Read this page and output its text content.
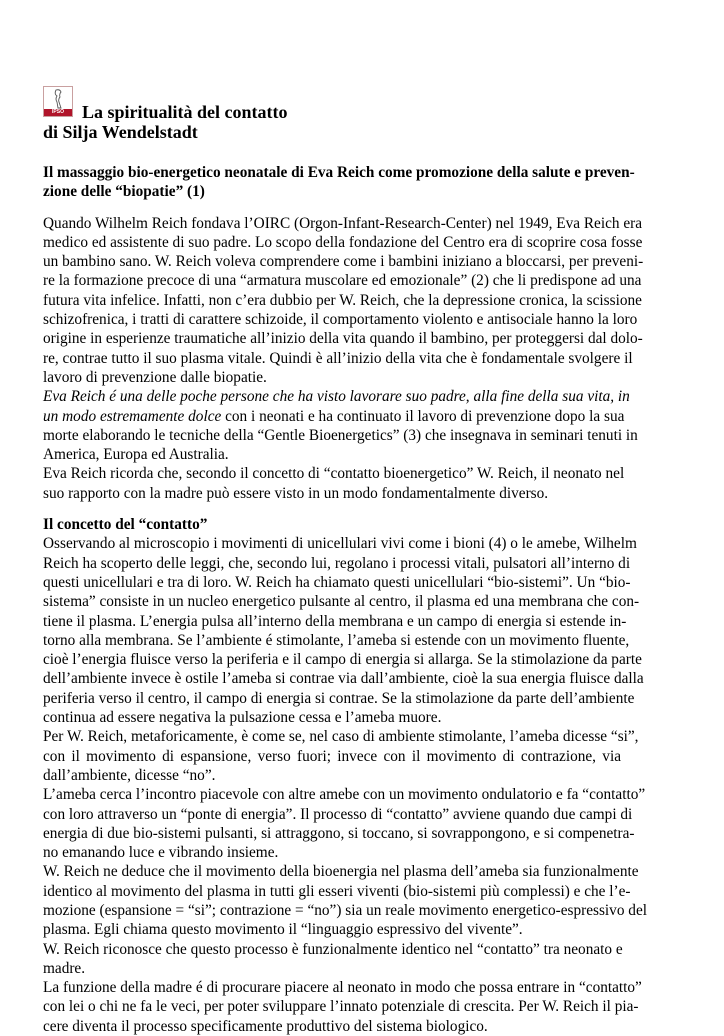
IPSO	La spiritualità del contatto
di Silja Wendelstadt
Il massaggio bio-energetico neonatale di Eva Reich come promozione della salute e preven-
zione delle “biopatie” (1)
Quando Wilhelm Reich fondava l’OIRC (Orgon-Infant-Research-Center) nel 1949, Eva Reich era
medico ed assistente di suo padre. Lo scopo della fondazione del Centro era di scoprire cosa fosse
un bambino sano. W. Reich voleva comprendere come i bambini iniziano a bloccarsi, per preveni-
re la formazione precoce di una “armatura muscolare ed emozionale” (2) che li predispone ad una
futura vita infelice. Infatti, non c’era dubbio per W. Reich, che la depressione cronica, la scissione
schizofrenica, i tratti di carattere schizoide, il comportamento violento e antisociale hanno la loro
origine in esperienze traumatiche all’inizio della vita quando il bambino, per proteggersi dal dolo-
re, contrae tutto il suo plasma vitale. Quindi è all’inizio della vita che è fondamentale svolgere il
lavoro di prevenzione dalle biopatie.
Eva Reich é una delle poche persone che ha visto lavorare suo padre, alla fine della sua vita, in
un modo estremamente dolce con i neonati e ha continuato il lavoro di prevenzione dopo la sua
morte elaborando le tecniche della “Gentle Bioenergetics” (3) che insegnava in seminari tenuti in
America, Europa ed Australia.
Eva Reich ricorda che, secondo il concetto di “contatto bioenergetico” W. Reich, il neonato nel
suo rapporto con la madre può essere visto in un modo fondamentalmente diverso.
Il concetto del “contatto”
Osservando al microscopio i movimenti di unicellulari vivi come i bioni (4) o le amebe, Wilhelm
Reich ha scoperto delle leggi, che, secondo lui, regolano i processi vitali, pulsatori all’interno di
questi unicellulari e tra di loro. W. Reich ha chiamato questi unicellulari “bio-sistemi”. Un “bio-
sistema” consiste in un nucleo energetico pulsante al centro, il plasma ed una membrana che con-
tiene il plasma. L’energia pulsa all’interno della membrana e un campo di energia si estende in-
torno alla membrana. Se l’ambiente é stimolante, l’ameba si estende con un movimento fluente,
cioè l’energia fluisce verso la periferia e il campo di energia si allarga. Se la stimolazione da parte
dell’ambiente invece è ostile l’ameba si contrae via dall’ambiente, cioè la sua energia fluisce dalla
periferia verso il centro, il campo di energia si contrae. Se la stimolazione da parte dell’ambiente
continua ad essere negativa la pulsazione cessa e l’ameba muore.
Per W. Reich, metaforicamente, è come se, nel caso di ambiente stimolante, l’ameba dicesse “si”,
con il movimento di espansione, verso fuori; invece con il movimento di contrazione, via
dall’ambiente, dicesse “no”.
L’ameba cerca l’incontro piacevole con altre amebe con un movimento ondulatorio e fa “contatto”
con loro attraverso un “ponte di energia”. Il processo di “contatto” avviene quando due campi di
energia di due bio-sistemi pulsanti, si attraggono, si toccano, si sovrappongono, e si compenetra-
no emanando luce e vibrando insieme.
W. Reich ne deduce che il movimento della bioenergia nel plasma dell’ameba sia funzionalmente
identico al movimento del plasma in tutti gli esseri viventi (bio-sistemi più complessi) e che l’e-
mozione (espansione = “si”; contrazione = “no”) sia un reale movimento energetico-espressivo del
plasma. Egli chiama questo movimento il “linguaggio espressivo del vivente”.
W. Reich riconosce che questo processo è funzionalmente identico nel “contatto” tra neonato e
madre.
La funzione della madre é di procurare piacere al neonato in modo che possa entrare in “contatto”
con lei o chi ne fa le veci, per poter sviluppare l’innato potenziale di crescita. Per W. Reich il pia-
cere diventa il processo specificamente produttivo del sistema biologico.
